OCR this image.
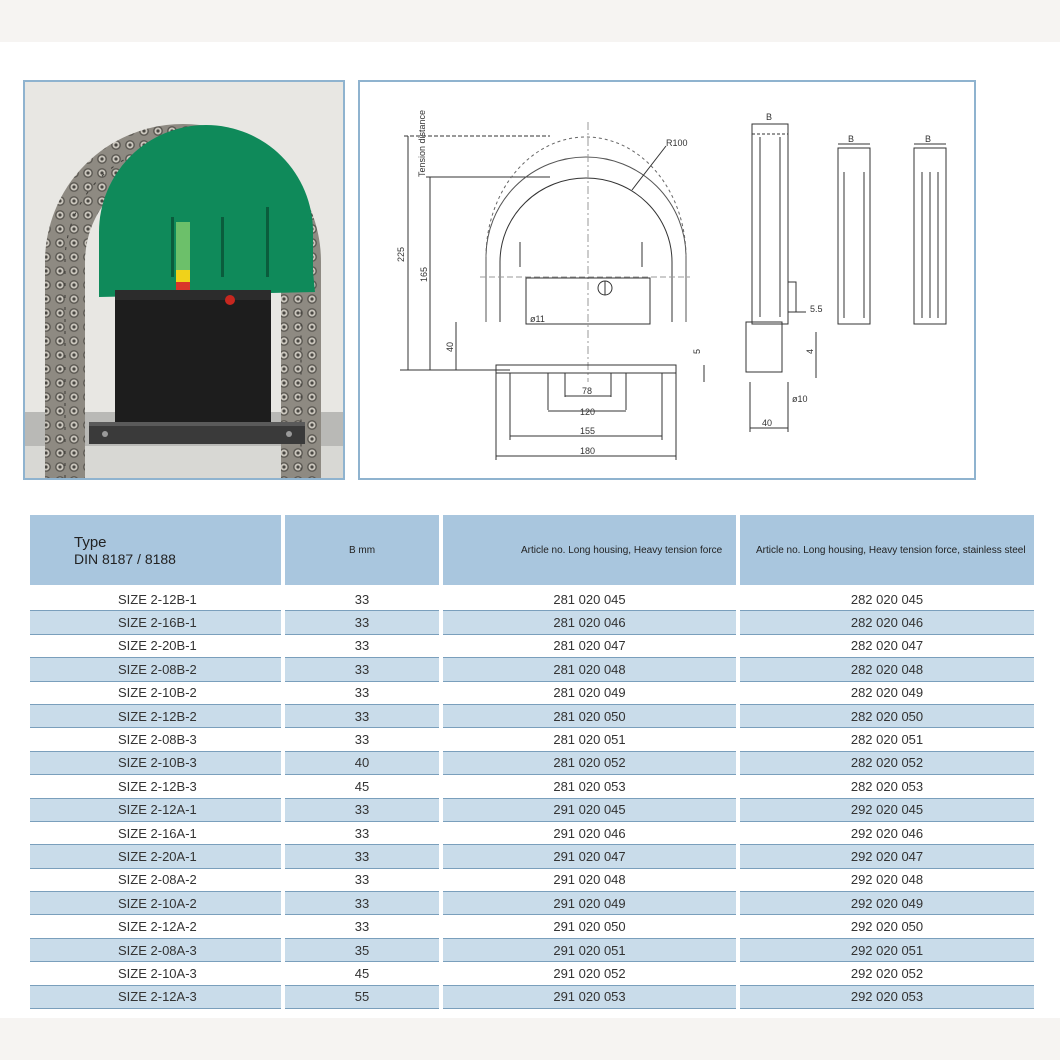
Tension distance
225
165
40
R100
ø11
78
120
155
180
5
B
5.5
4
ø10
40
B	B
Type
DIN 8187 / 8188	B mm	Article no. Long housing, Heavy tension force	Article no. Long housing, Heavy tension force, stainless steel
SIZE 2-12B-1	33	281 020 045	282 020 045
SIZE 2-16B-1	33	281 020 046	282 020 046
SIZE 2-20B-1	33	281 020 047	282 020 047
SIZE 2-08B-2	33	281 020 048	282 020 048
SIZE 2-10B-2	33	281 020 049	282 020 049
SIZE 2-12B-2	33	281 020 050	282 020 050
SIZE 2-08B-3	33	281 020 051	282 020 051
SIZE 2-10B-3	40	281 020 052	282 020 052
SIZE 2-12B-3	45	281 020 053	282 020 053
SIZE 2-12A-1	33	291 020 045	292 020 045
SIZE 2-16A-1	33	291 020 046	292 020 046
SIZE 2-20A-1	33	291 020 047	292 020 047
SIZE 2-08A-2	33	291 020 048	292 020 048
SIZE 2-10A-2	33	291 020 049	292 020 049
SIZE 2-12A-2	33	291 020 050	292 020 050
SIZE 2-08A-3	35	291 020 051	292 020 051
SIZE 2-10A-3	45	291 020 052	292 020 052
SIZE 2-12A-3	55	291 020 053	292 020 053
